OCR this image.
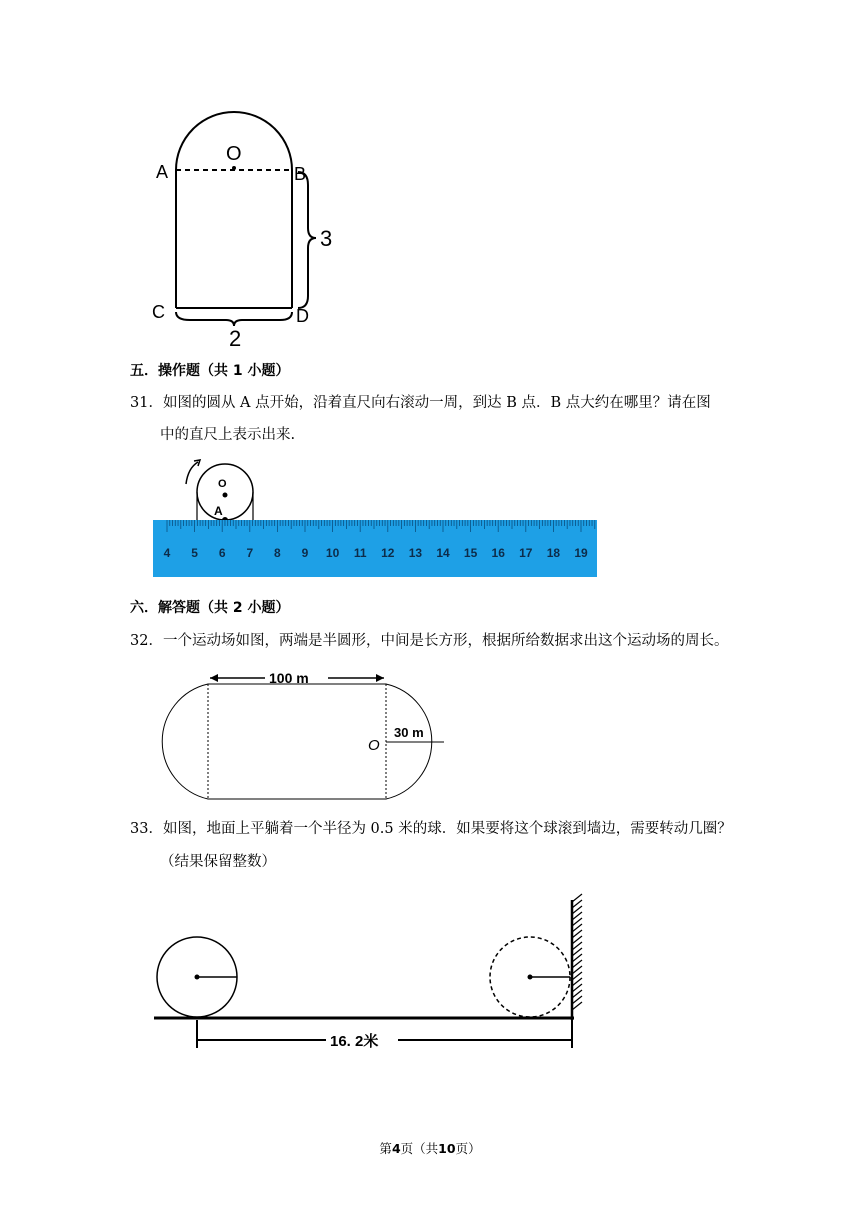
O
A	B
C	D
3
2
五．操作题（共 1 小题）
31．如图的圆从 A 点开始，沿着直尺向右滚动一周，到达 B 点．B 点大约在哪里？请在图
中的直尺上表示出来.
O
A
4 5 6 7 8 9 10 11 12 13 14 15 16 17 18 19
六．解答题（共 2 小题）
32．一个运动场如图，两端是半圆形，中间是长方形，根据所给数据求出这个运动场的周长。
100 m
30 m
O
33．如图，地面上平躺着一个半径为 0.5 米的球．如果要将这个球滚到墙边，需要转动几圈？
（结果保留整数）
16. 2米
第4页（共10页）
